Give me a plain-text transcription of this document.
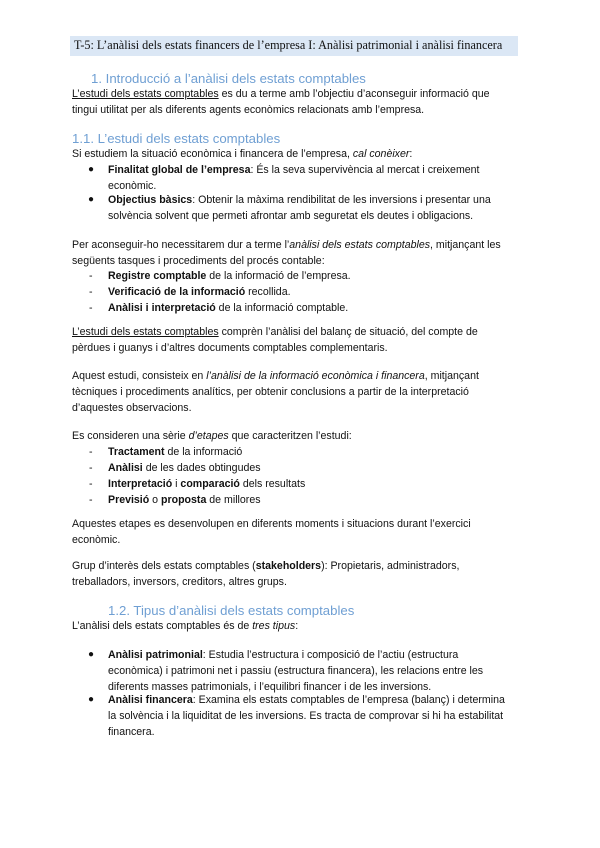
T-5: L’anàlisi dels estats financers de l’empresa I: Anàlisi patrimonial i anàlisi financera
1. Introducció a l’anàlisi dels estats comptables
L’estudi dels estats comptables es du a terme amb l’objectiu d’aconseguir informació que
tingui utilitat per als diferents agents econòmics relacionats amb l’empresa.
1.1. L’estudi dels estats comptables
Si estudiem la situació econòmica i financera de l’empresa, cal conèixer:
● Finalitat global de l’empresa: És la seva supervivència al mercat i creixement
econòmic.
● Objectius bàsics: Obtenir la màxima rendibilitat de les inversions i presentar una
solvència solvent que permeti afrontar amb seguretat els deutes i obligacions.
Per aconseguir-ho necessitarem dur a terme l’anàlisi dels estats comptables, mitjançant les
següents tasques i procediments del procés contable:
- Registre comptable de la informació de l’empresa.
- Verificació de la informació recollida.
- Anàlisi i interpretació de la informació comptable.
L’estudi dels estats comptables comprèn l’anàlisi del balanç de situació, del compte de
pèrdues i guanys i d’altres documents comptables complementaris.
Aquest estudi, consisteix en l’anàlisi de la informació econòmica i financera, mitjançant
tècniques i procediments analítics, per obtenir conclusions a partir de la interpretació
d’aquestes observacions.
Es consideren una sèrie d’etapes que caracteritzen l’estudi:
- Tractament de la informació
- Anàlisi de les dades obtingudes
- Interpretació i comparació dels resultats
- Previsió o proposta de millores
Aquestes etapes es desenvolupen en diferents moments i situacions durant l’exercici
econòmic.
Grup d’interès dels estats comptables (stakeholders): Propietaris, administradors,
treballadors, inversors, creditors, altres grups.
1.2. Tipus d’anàlisi dels estats comptables
L’anàlisi dels estats comptables és de tres tipus:
● Anàlisi patrimonial: Estudia l’estructura i composició de l’actiu (estructura
econòmica) i patrimoni net i passiu (estructura financera), les relacions entre les
diferents masses patrimonials, i l’equilibri financer i de les inversions.
● Anàlisi financera: Examina els estats comptables de l’empresa (balanç) i determina
la solvència i la liquiditat de les inversions. Es tracta de comprovar si hi ha estabilitat
financera.
